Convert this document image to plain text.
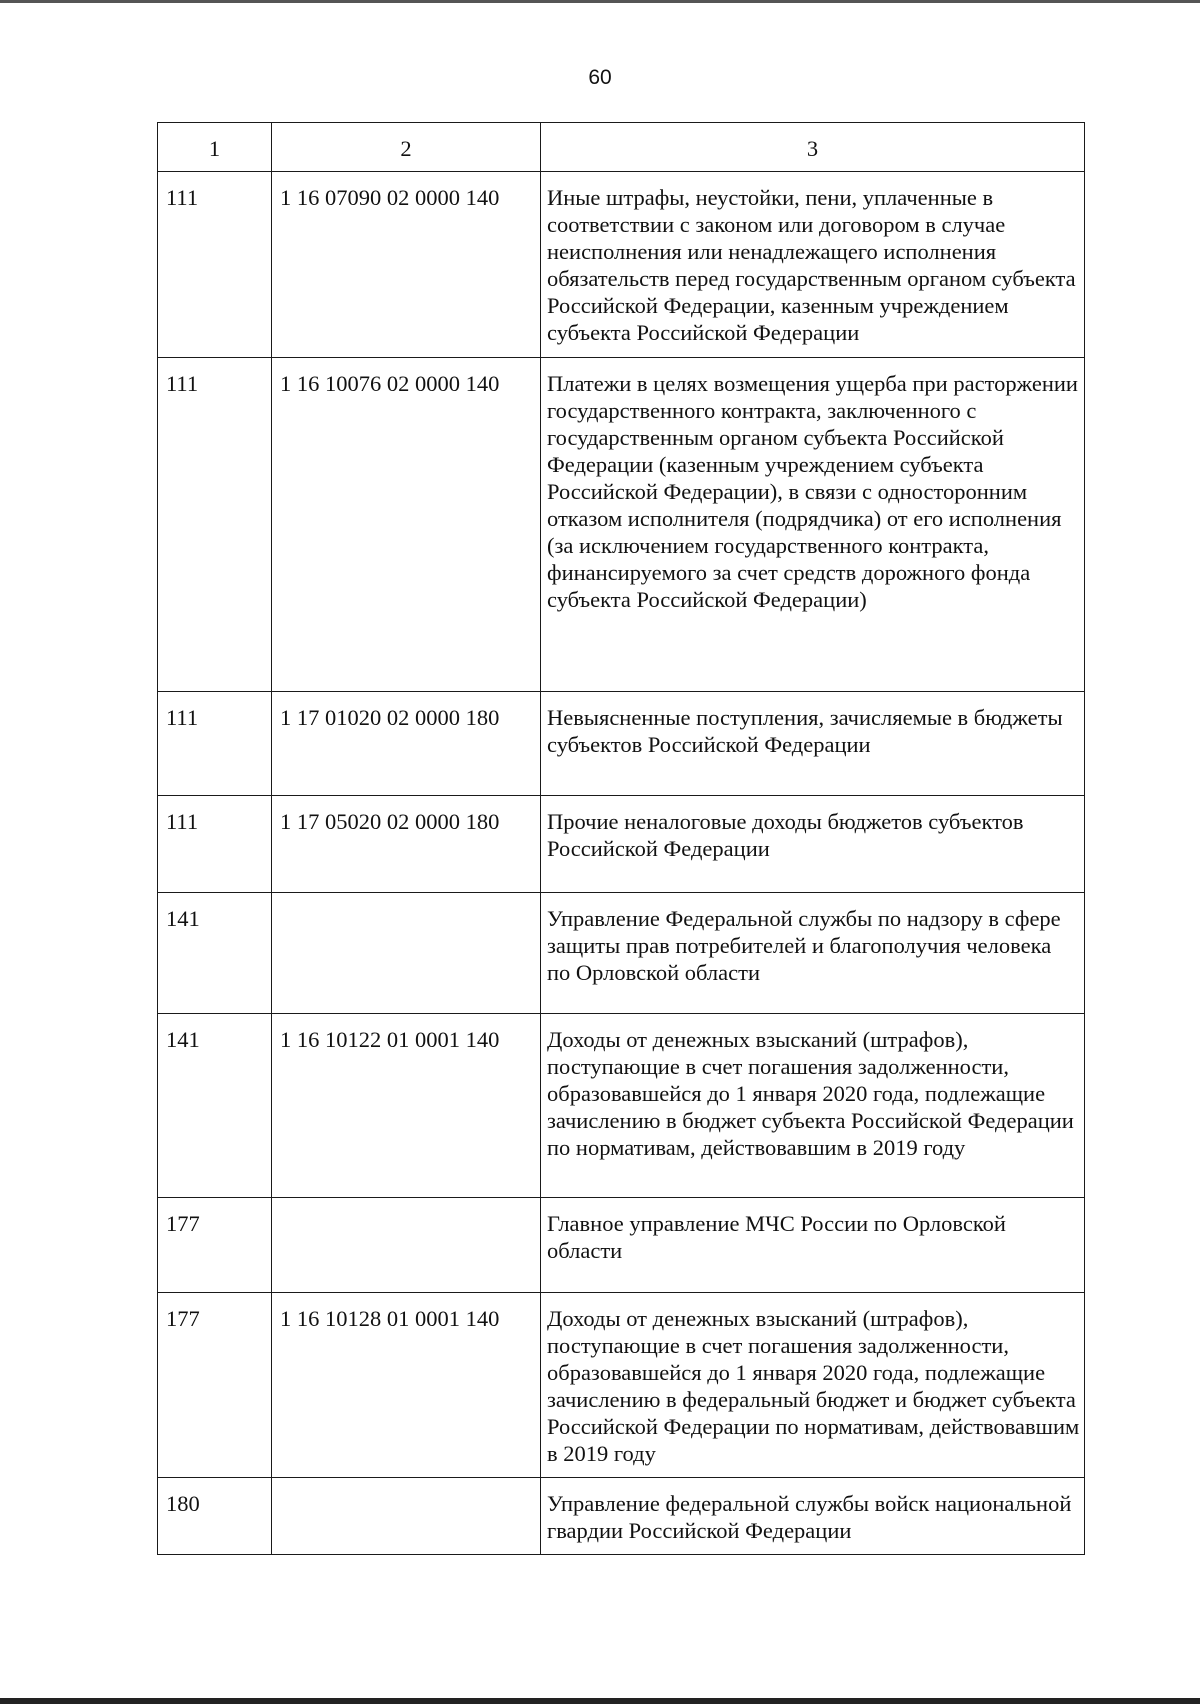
60
1	2	3
111	1 16 07090 02 0000 140	Иные штрафы, неустойки, пени, уплаченные в соответствии с законом или договором в случае неисполнения или ненадлежащего исполнения обязательств перед государственным органом субъекта Российской Федерации, казенным учреждением субъекта Российской Федерации
111	1 16 10076 02 0000 140	Платежи в целях возмещения ущерба при расторжении государственного контракта, заключенного с государственным органом субъекта Российской Федерации (казенным учреждением субъекта Российской Федерации), в связи с односторонним отказом исполнителя (подрядчика) от его исполнения (за исключением государственного контракта, финансируемого за счет средств дорожного фонда субъекта Российской Федерации)
111	1 17 01020 02 0000 180	Невыясненные поступления, зачисляемые в бюджеты субъектов Российской Федерации
111	1 17 05020 02 0000 180	Прочие неналоговые доходы бюджетов субъектов Российской Федерации
141		Управление Федеральной службы по надзору в сфере защиты прав потребителей и благополучия человека по Орловской области
141	1 16 10122 01 0001 140	Доходы от денежных взысканий (штрафов), поступающие в счет погашения задолженности, образовавшейся до 1 января 2020 года, подлежащие зачислению в бюджет субъекта Российской Федерации по нормативам, действовавшим в 2019 году
177		Главное управление МЧС России по Орловской области
177	1 16 10128 01 0001 140	Доходы от денежных взысканий (штрафов), поступающие в счет погашения задолженности, образовавшейся до 1 января 2020 года, подлежащие зачислению в федеральный бюджет и бюджет субъекта Российской Федерации по нормативам, действовавшим в 2019 году
180		Управление федеральной службы войск национальной гвардии Российской Федерации
